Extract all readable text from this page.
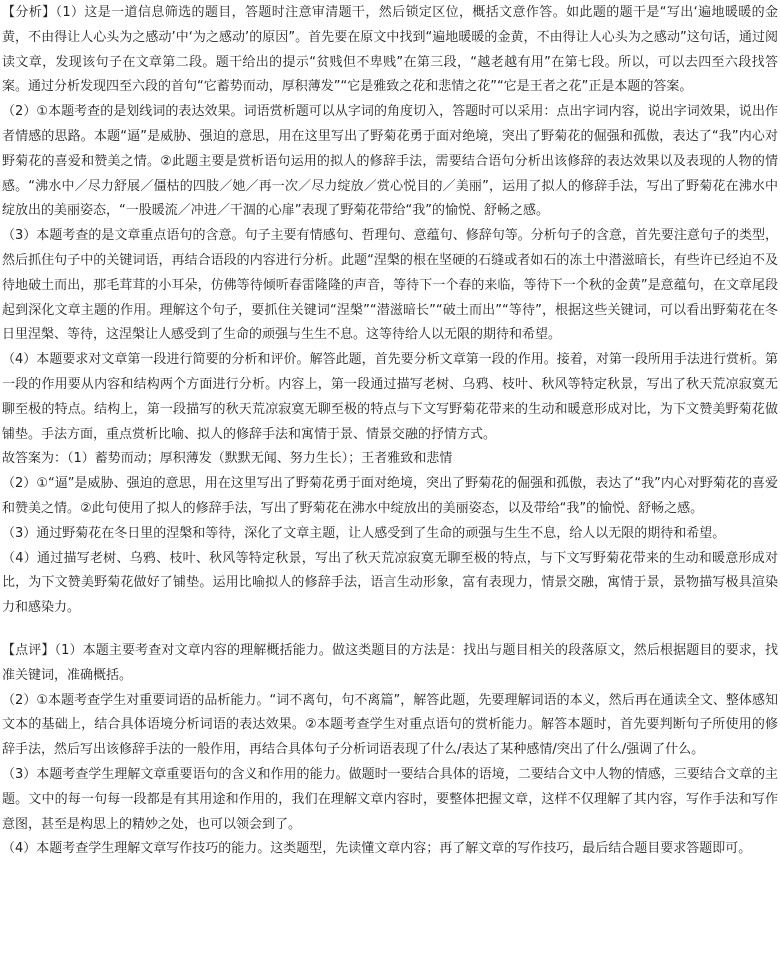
【分析】（1）这是一道信息筛选的题目，答题时注意审清题干，然后锁定区位，概括文意作答。如此题的题干是“写出‘遍地暖暖的金黄，不由得让人心头为之感动’中‘为之感动’的原因”。首先要在原文中找到“遍地暖暖的金黄，不由得让人心头为之感动”这句话，通过阅读文章，发现该句子在文章第二段。题干给出的提示“贫贱但不卑贱”在第三段，“越老越有用”在第七段。所以，可以去四至六段找答案。通过分析发现四至六段的首句“它蓄势而动，厚积薄发”“它是雅致之花和悲情之花”“它是王者之花”正是本题的答案。

（2）①本题考查的是划线词的表达效果。词语赏析题可以从字词的角度切入，答题时可以采用：点出字词内容，说出字词效果，说出作者情感的思路。本题“逼”是威胁、强迫的意思，用在这里写出了野菊花勇于面对绝境，突出了野菊花的倔强和孤傲，表达了“我”内心对野菊花的喜爱和赞美之情。②此题主要是赏析语句运用的拟人的修辞手法，需要结合语句分析出该修辞的表达效果以及表现的人物的情感。“沸水中／尽力舒展／僵枯的四肢／她／再一次／尽力绽放／赏心悦目的／美丽”，运用了拟人的修辞手法，写出了野菊花在沸水中绽放出的美丽姿态，“一股暖流／冲进／干涸的心扉”表现了野菊花带给“我”的愉悦、舒畅之感。

（3）本题考查的是文章重点语句的含意。句子主要有情感句、哲理句、意蕴句、修辞句等。分析句子的含意，首先要注意句子的类型，然后抓住句子中的关键词语，再结合语段的内容进行分析。此题“涅槃的根在坚硬的石缝或者如石的冻土中潜滋暗长，有些许已经迫不及待地破土而出，那毛茸茸的小耳朵，仿佛等待倾听春雷隆隆的声音，等待下一个春的来临，等待下一个秋的金黄”是意蕴句，在文章尾段起到深化文章主题的作用。理解这个句子，要抓住关键词“涅槃”“潜滋暗长”“破土而出”“等待”，根据这些关键词，可以看出野菊花在冬日里涅槃、等待，这涅槃让人感受到了生命的顽强与生生不息。这等待给人以无限的期待和希望。

（4）本题要求对文章第一段进行简要的分析和评价。解答此题，首先要分析文章第一段的作用。接着，对第一段所用手法进行赏析。第一段的作用要从内容和结构两个方面进行分析。内容上，第一段通过描写老树、乌鸦、枝叶、秋风等特定秋景，写出了秋天荒凉寂寞无聊至极的特点。结构上，第一段描写的秋天荒凉寂寞无聊至极的特点与下文写野菊花带来的生动和暖意形成对比，为下文赞美野菊花做铺垫。手法方面，重点赏析比喻、拟人的修辞手法和寓情于景、情景交融的抒情方式。

故答案为：（1）蓄势而动；厚积薄发（默默无闻、努力生长）；王者雅致和悲情

（2）①“逼”是威胁、强迫的意思，用在这里写出了野菊花勇于面对绝境，突出了野菊花的倔强和孤傲，表达了“我”内心对野菊花的喜爱和赞美之情。②此句使用了拟人的修辞手法，写出了野菊花在沸水中绽放出的美丽姿态，以及带给“我”的愉悦、舒畅之感。

（3）通过野菊花在冬日里的涅槃和等待，深化了文章主题，让人感受到了生命的顽强与生生不息，给人以无限的期待和希望。

（4）通过描写老树、乌鸦、枝叶、秋风等特定秋景，写出了秋天荒凉寂寞无聊至极的特点，与下文写野菊花带来的生动和暖意形成对比，为下文赞美野菊花做好了铺垫。运用比喻拟人的修辞手法，语言生动形象，富有表现力，情景交融，寓情于景，景物描写极具渲染力和感染力。

【点评】（1）本题主要考查对文章内容的理解概括能力。做这类题目的方法是：找出与题目相关的段落原文，然后根据题目的要求，找准关键词，准确概括。

（2）①本题考查学生对重要词语的品析能力。“词不离句，句不离篇”，解答此题，先要理解词语的本义，然后再在通读全文、整体感知文本的基础上，结合具体语境分析词语的表达效果。②本题考查学生对重点语句的赏析能力。解答本题时，首先要判断句子所使用的修辞手法，然后写出该修辞手法的一般作用，再结合具体句子分析词语表现了什么/表达了某种感情/突出了什么/强调了什么。

（3）本题考查学生理解文章重要语句的含义和作用的能力。做题时一要结合具体的语境，二要结合文中人物的情感，三要结合文章的主题。文中的每一句每一段都是有其用途和作用的，我们在理解文章内容时，要整体把握文章，这样不仅理解了其内容，写作手法和写作意图，甚至是构思上的精妙之处，也可以领会到了。

（4）本题考查学生理解文章写作技巧的能力。这类题型，先读懂文章内容；再了解文章的写作技巧，最后结合题目要求答题即可。
